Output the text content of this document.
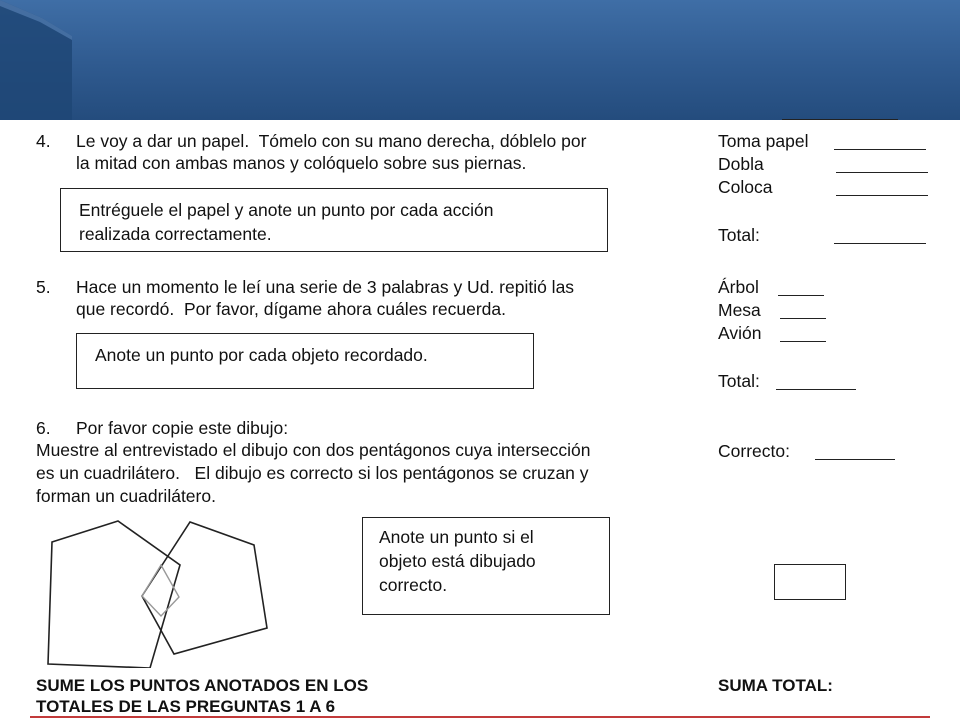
4. Le voy a dar un papel.  Tómelo con su mano derecha, dóblelo por
la mitad con ambas manos y colóquelo sobre sus piernas.
Entréguele el papel y anote un punto por cada acción
realizada correctamente.
Toma papel
Dobla
Coloca
Total:
5. Hace un momento le leí una serie de 3 palabras y Ud. repitió las
que recordó.  Por favor, dígame ahora cuáles recuerda.
Anote un punto por cada objeto recordado.
Árbol
Mesa
Avión
Total:
6. Por favor copie este dibujo:
Muestre al entrevistado el dibujo con dos pentágonos cuya intersección
es un cuadrilátero.   El dibujo es correcto si los pentágonos se cruzan y
forman un cuadrilátero.
Correcto:
Anote un punto si el
objeto está dibujado
correcto.
SUME LOS PUNTOS ANOTADOS EN LOS
TOTALES DE LAS PREGUNTAS 1 A 6
SUMA TOTAL:
